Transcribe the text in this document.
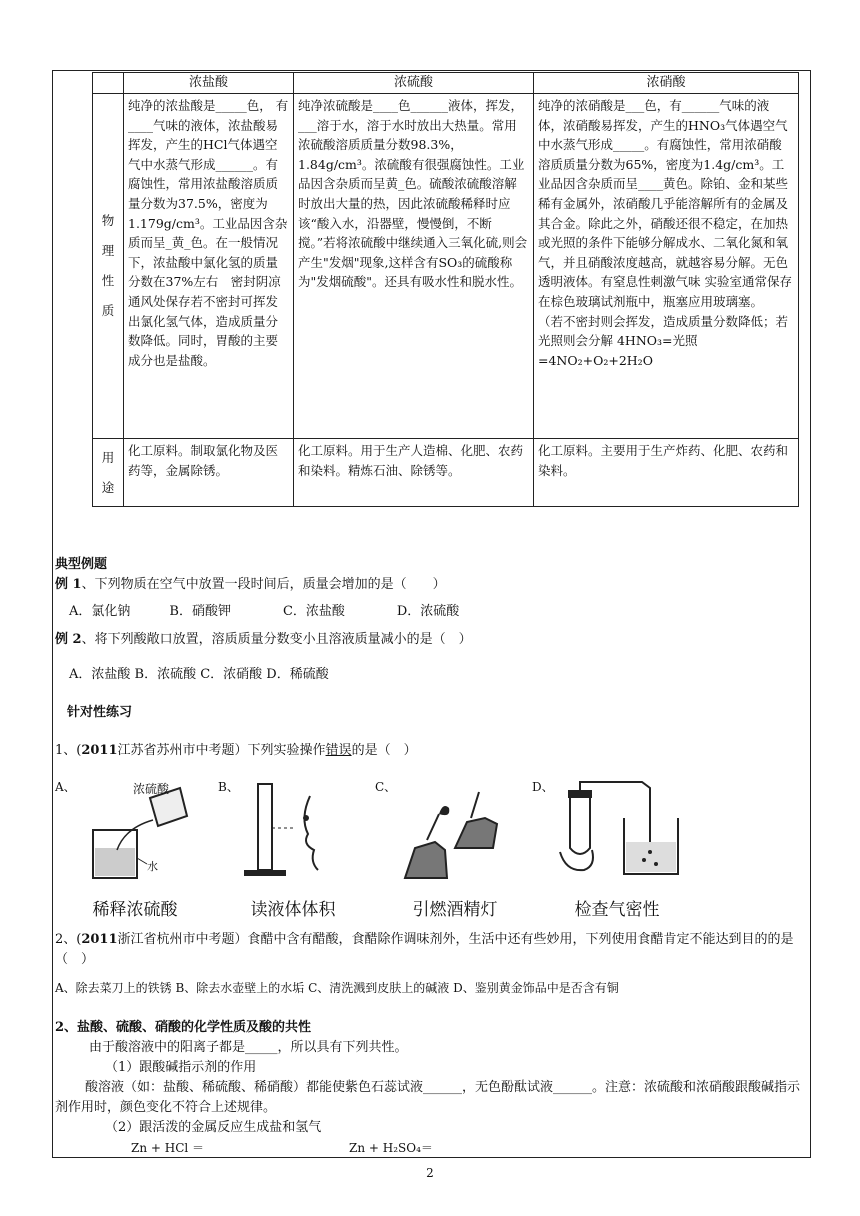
	浓盐酸	浓硫酸	浓硝酸
物理性质	纯净的浓盐酸是_____色， 有____气味的液体，浓盐酸易挥发，产生的HCl气体遇空气中水蒸气形成______。有腐蚀性，常用浓盐酸溶质质量分数为37.5%，密度为1.179g/cm³。工业品因含杂质而呈_黄_色。在一般情况下，浓盐酸中氯化氢的质量分数在37%左右　密封阴凉通风处保存若不密封可挥发出氯化氢气体，造成质量分数降低。同时，胃酸的主要成分也是盐酸。	纯净浓硫酸是____色______液体，挥发，___溶于水，溶于水时放出大热量。常用浓硫酸溶质质量分数98.3%，　1.84g/cm³。浓硫酸有很强腐蚀性。工业品因含杂质而呈黄_色。硫酸浓硫酸溶解时放出大量的热，因此浓硫酸稀释时应该“酸入水，沿器壁，慢慢倒，不断搅。”若将浓硫酸中继续通入三氧化硫,则会产生"发烟"现象,这样含有SO₃的硫酸称为"发烟硫酸"。还具有吸水性和脱水性。	纯净的浓硝酸是___色，有______气味的液体，浓硝酸易挥发，产生的HNO₃气体遇空气中水蒸气形成_____。有腐蚀性，常用浓硝酸溶质质量分数为65%，密度为1.4g/cm³。工业品因含杂质而呈____黄色。除铂、金和某些稀有金属外，浓硝酸几乎能溶解所有的金属及其合金。除此之外，硝酸还很不稳定，在加热或光照的条件下能够分解成水、二氧化氮和氧气，并且硝酸浓度越高，就越容易分解。无色透明液体。有窒息性刺激气味 实验室通常保存在棕色玻璃试剂瓶中，瓶塞应用玻璃塞。
（若不密封则会挥发，造成质量分数降低；若光照则会分解 4HNO₃=光照=4NO₂+O₂+2H₂O

用途	化工原料。制取氯化物及医药等，金属除锈。	化工原料。用于生产人造棉、化肥、农药和染料。精炼石油、除锈等。	化工原料。主要用于生产炸药、化肥、农药和染料。
典型例题
例 1、下列物质在空气中放置一段时间后，质量会增加的是（　　）
A．氯化钠　　　B．硝酸钾　　　　C．浓盐酸　　　　D．浓硫酸
例 2、将下列酸敞口放置，溶质质量分数变小且溶液质量减小的是（　）
A．浓盐酸 B．浓硫酸 C．浓硝酸 D．稀硫酸
针对性练习
1、(2011江苏省苏州市中考题）下列实验操作错误的是（　）
A、	浓硫酸
水
稀释浓硫酸
B、
读液体体积
C、
引燃酒精灯
D、
检查气密性
2、(2011浙江省杭州市中考题）食醋中含有醋酸，食醋除作调味剂外，生活中还有些妙用，下列使用食醋肯定不能达到目的的是（　）
A、除去菜刀上的铁锈 B、除去水壶壁上的水垢 C、清洗溅到皮肤上的碱液 D、鉴别黄金饰品中是否含有铜
2、盐酸、硫酸、硝酸的化学性质及酸的共性
由于酸溶液中的阳离子都是_____，所以具有下列共性。
（1）跟酸碱指示剂的作用
酸溶液（如：盐酸、稀硫酸、稀硝酸）都能使紫色石蕊试液______，无色酚酞试液______。注意：浓硫酸和浓硝酸跟酸碱指示剂作用时，颜色变化不符合上述规律。
（2）跟活泼的金属反应生成盐和氢气
Zn + HCl ＝	Zn + H₂SO₄＝
2
